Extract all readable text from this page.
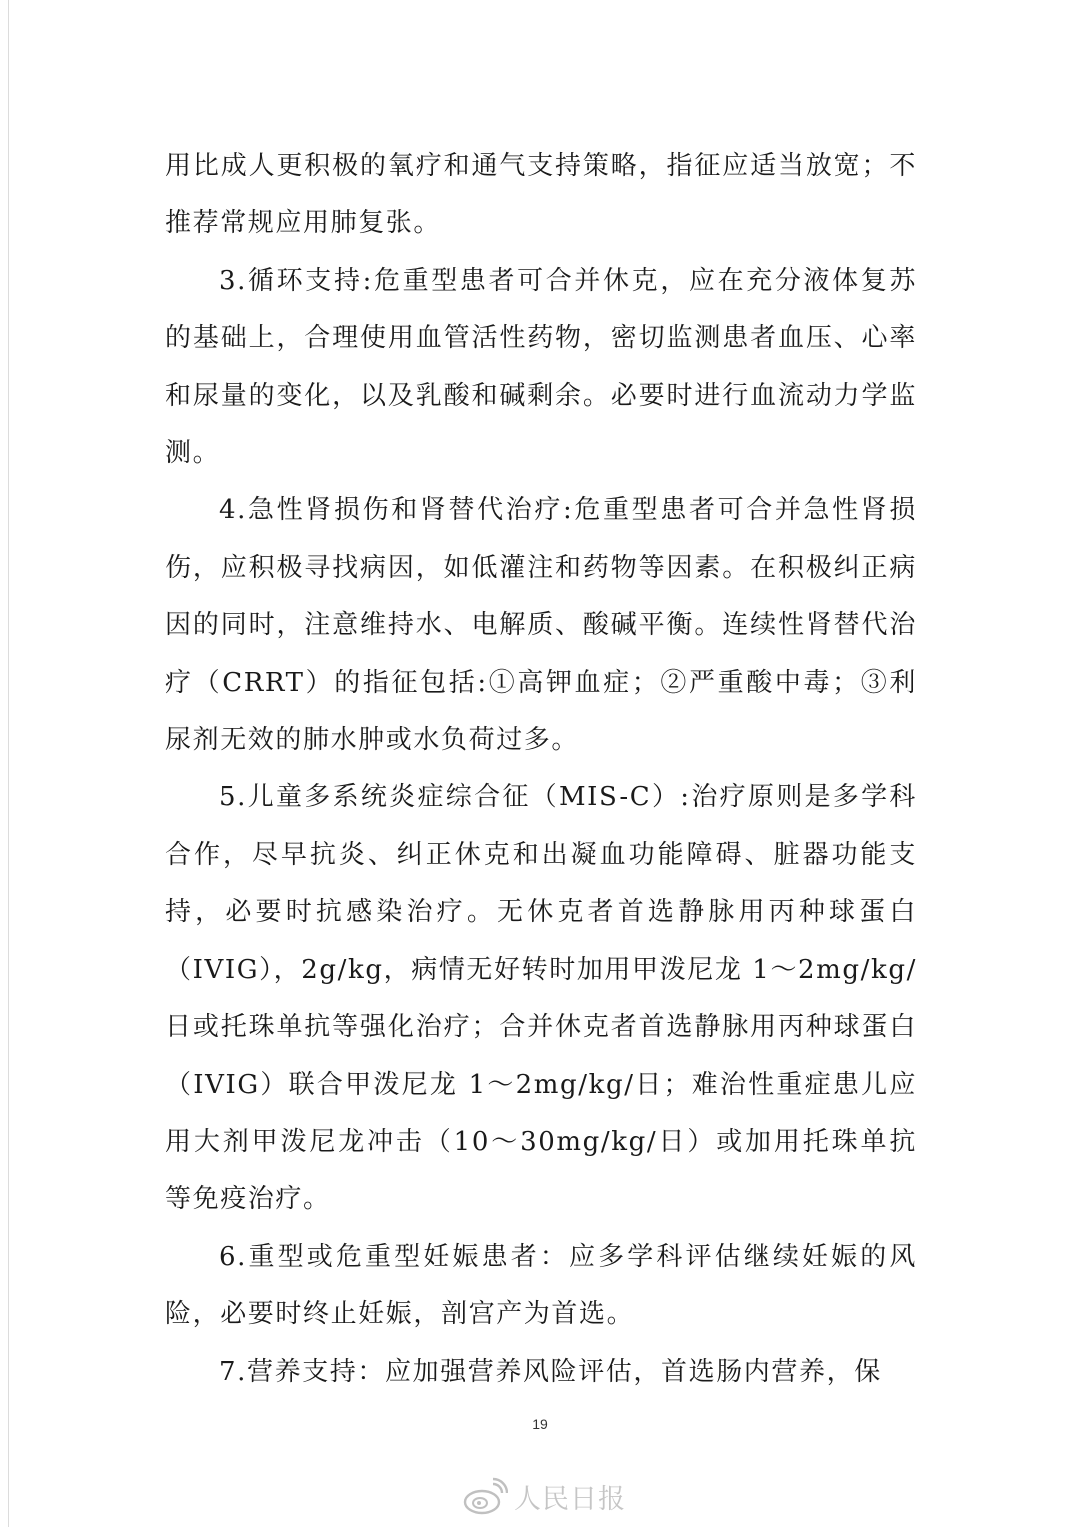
用比成人更积极的氧疗和通气支持策略，指征应适当放宽；不推荐常规应用肺复张。

3.循环支持:危重型患者可合并休克，应在充分液体复苏的基础上，合理使用血管活性药物，密切监测患者血压、心率和尿量的变化，以及乳酸和碱剩余。必要时进行血流动力学监测。

4.急性肾损伤和肾替代治疗:危重型患者可合并急性肾损伤，应积极寻找病因，如低灌注和药物等因素。在积极纠正病因的同时，注意维持水、电解质、酸碱平衡。连续性肾替代治疗（CRRT）的指征包括:①高钾血症；②严重酸中毒；③利尿剂无效的肺水肿或水负荷过多。

5.儿童多系统炎症综合征（MIS-C）:治疗原则是多学科合作，尽早抗炎、纠正休克和出凝血功能障碍、脏器功能支持，必要时抗感染治疗。无休克者首选静脉用丙种球蛋白（IVIG），2g/kg，病情无好转时加用甲泼尼龙 1～2mg/kg/日或托珠单抗等强化治疗；合并休克者首选静脉用丙种球蛋白（IVIG）联合甲泼尼龙 1～2mg/kg/日；难治性重症患儿应用大剂甲泼尼龙冲击（10～30mg/kg/日）或加用托珠单抗等免疫治疗。

6.重型或危重型妊娠患者：应多学科评估继续妊娠的风险，必要时终止妊娠，剖宫产为首选。

7.营养支持：应加强营养风险评估，首选肠内营养，保

19
人民日报
